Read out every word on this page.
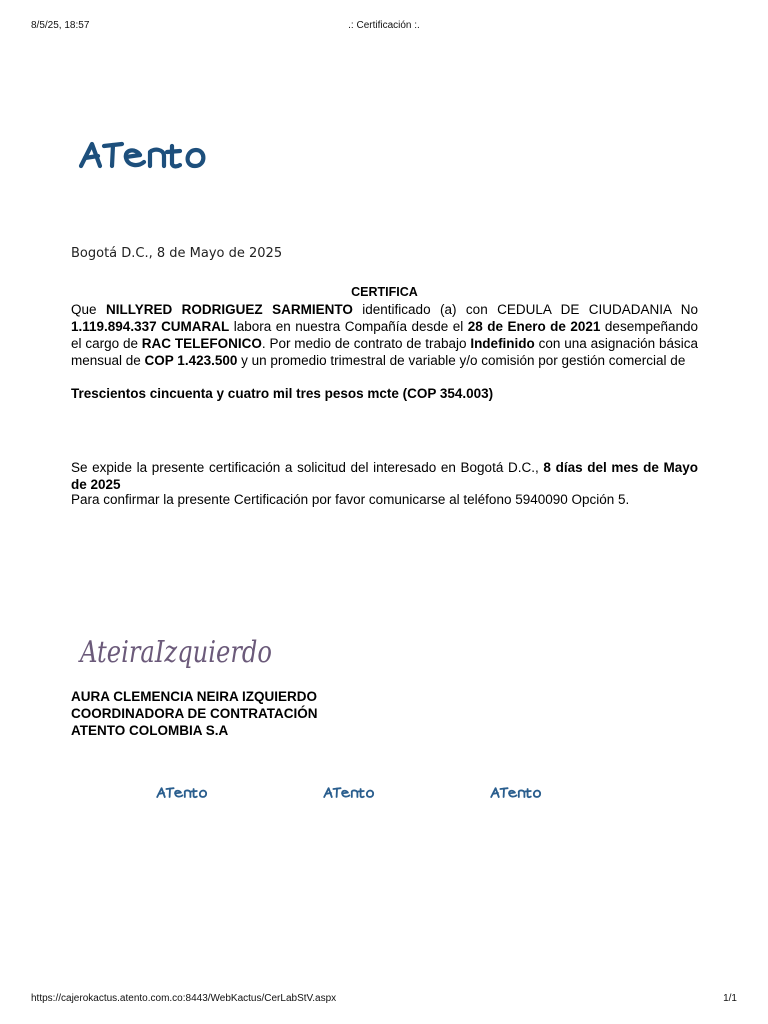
8/5/25, 18:57	.: Certificación :.
Bogotá D.C., 8 de Mayo de 2025
CERTIFICA
Que NILLYRED RODRIGUEZ SARMIENTO identificado (a) con CEDULA DE CIUDADANIA No 1.119.894.337 CUMARAL labora en nuestra Compañía desde el 28 de Enero de 2021 desempeñando el cargo de RAC TELEFONICO. Por medio de contrato de trabajo Indefinido con una asignación básica mensual de COP 1.423.500 y un promedio trimestral de variable y/o comisión por gestión comercial de
Trescientos cincuenta y cuatro mil tres pesos mcte (COP 354.003)
Se expide la presente certificación a solicitud del interesado en Bogotá D.C., 8 días del mes de Mayo de 2025
Para confirmar la presente Certificación por favor comunicarse al teléfono 5940090 Opción 5.
AteiraIzquierdo
AURA CLEMENCIA NEIRA IZQUIERDO
COORDINADORA DE CONTRATACIÓN
ATENTO COLOMBIA S.A
https://cajerokactus.atento.com.co:8443/WebKactus/CerLabStV.aspx	1/1
